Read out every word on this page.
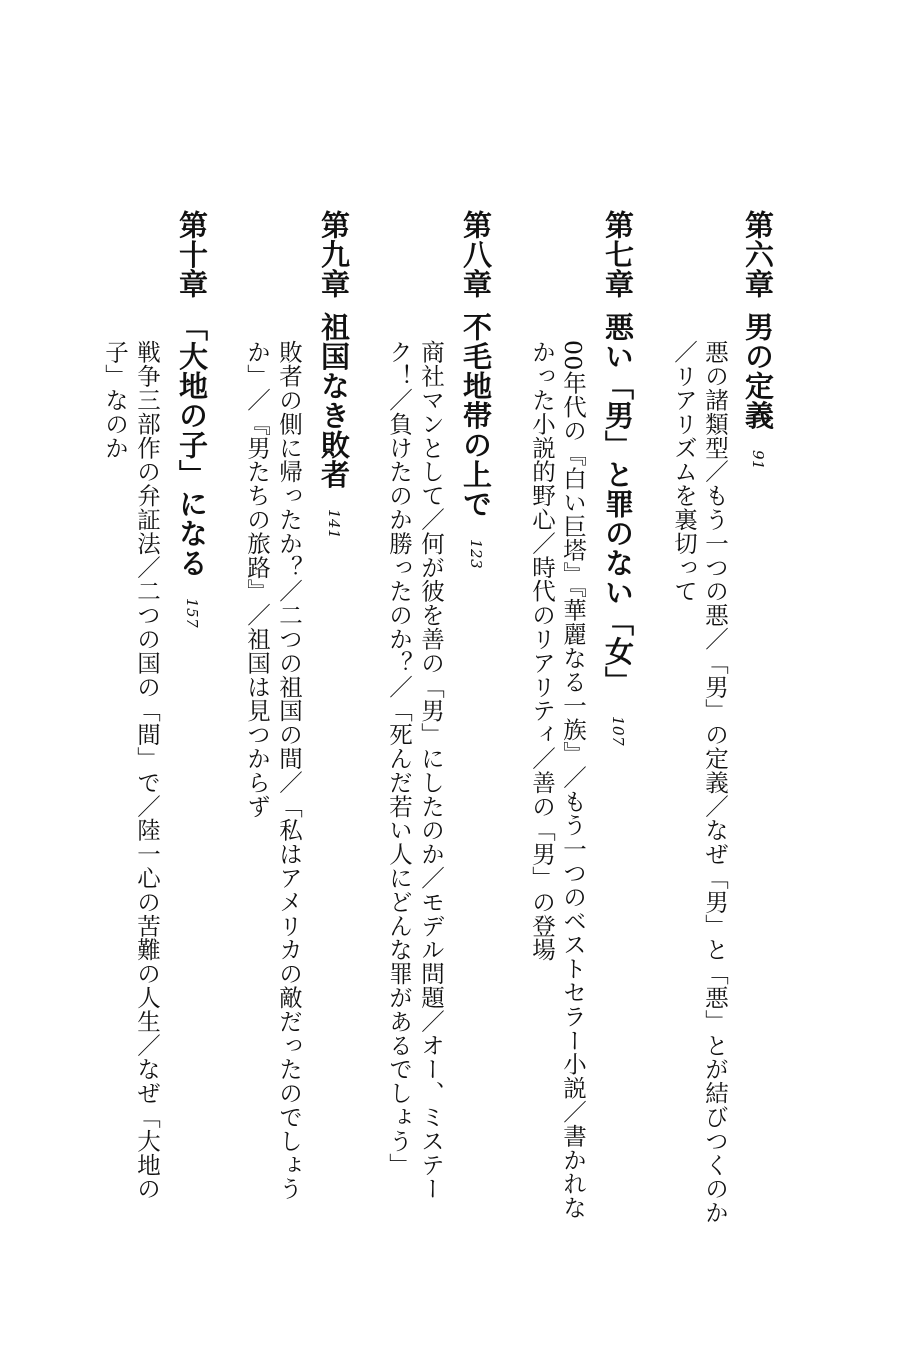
第六章
男の定義91
悪の諸類型／もう一つの悪／「男」の定義／なぜ「男」と「悪」とが結びつくのか
／リアリズムを裏切って
第七章
悪い「男」と罪のない「女」107
00年代の『白い巨塔』『華麗なる一族』／もう一つのベストセラー小説／書かれな
かった小説的野心／時代のリアリティ／善の「男」の登場
第八章
不毛地帯の上で123
商社マンとして／何が彼を善の「男」にしたのか／モデル問題／オー、ミステー
ク！／負けたのか勝ったのか？／「死んだ若い人にどんな罪があるでしょう」
第九章
祖国なき敗者141
敗者の側に帰ったか？／二つの祖国の間／「私はアメリカの敵だったのでしょう
か」／『男たちの旅路』／祖国は見つからず
第十章
「大地の子」になる157
戦争三部作の弁証法／二つの国の「間」で／陸一心の苦難の人生／なぜ「大地の
子」なのか
